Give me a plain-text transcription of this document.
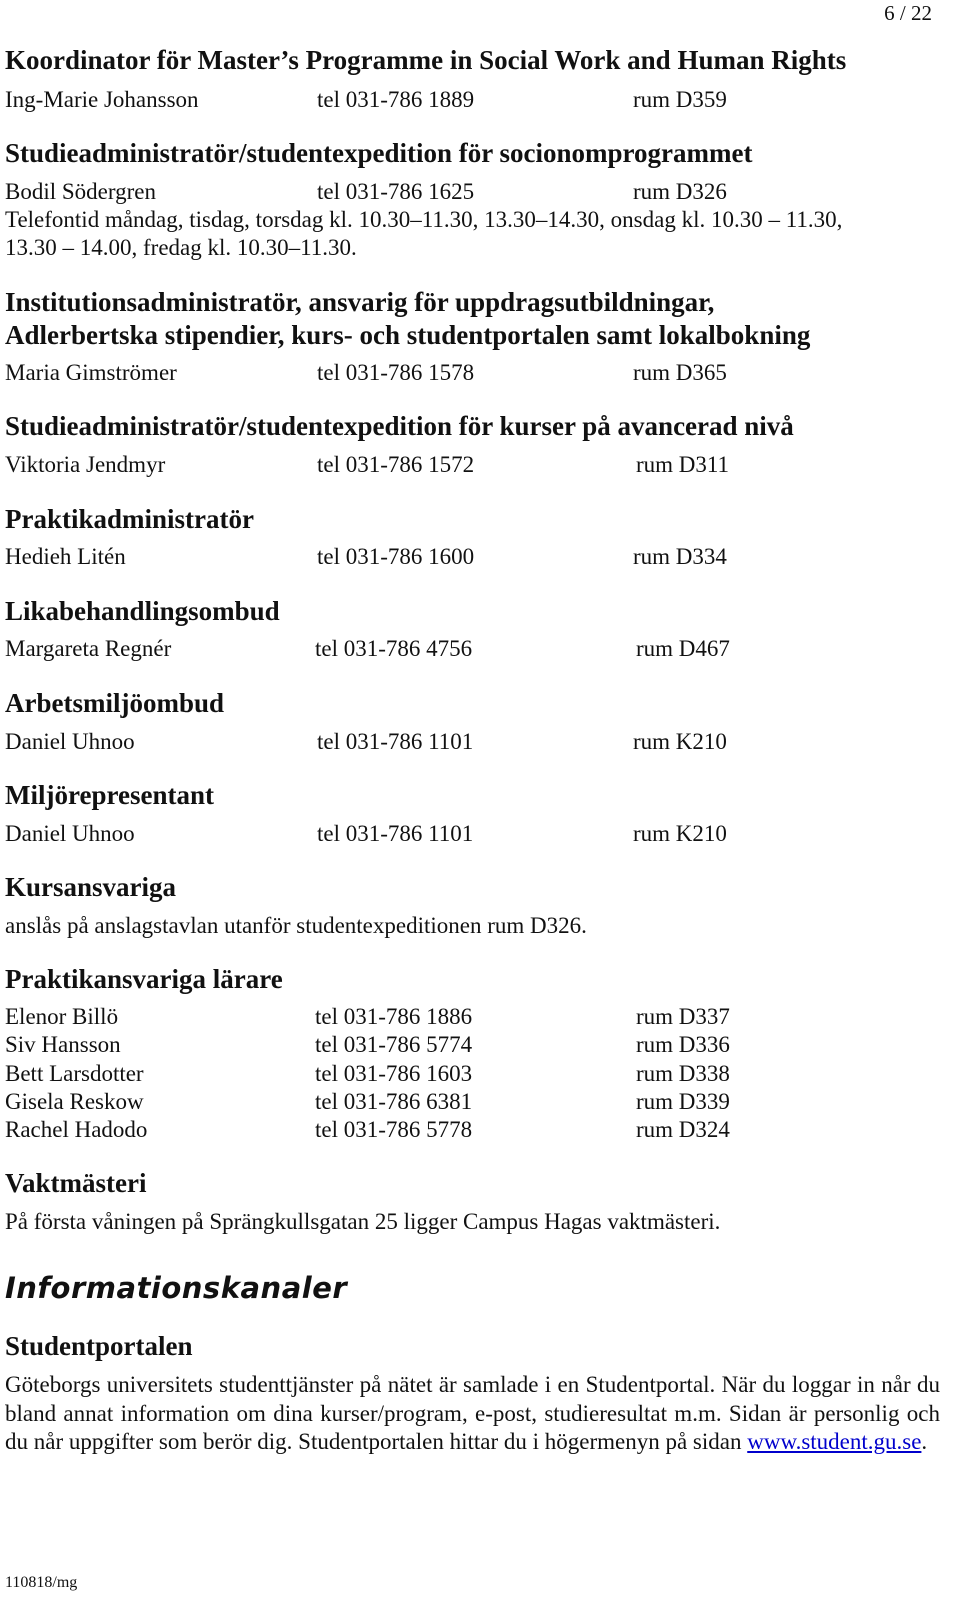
6 / 22
Koordinator för Master’s Programme in Social Work and Human Rights
Ing-Marie Johansson	tel 031-786 1889	rum D359
Studieadministratör/studentexpedition för socionomprogrammet
Bodil Södergren	tel 031-786 1625	rum D326
Telefontid måndag, tisdag, torsdag kl. 10.30–11.30, 13.30–14.30, onsdag kl. 10.30 – 11.30,
13.30 – 14.00, fredag kl. 10.30–11.30.
Institutionsadministratör, ansvarig för uppdragsutbildningar,
Adlerbertska stipendier, kurs- och studentportalen samt lokalbokning
Maria Gimströmer	tel 031-786 1578	rum D365
Studieadministratör/studentexpedition för kurser på avancerad nivå
Viktoria Jendmyr	tel 031-786 1572	rum D311
Praktikadministratör
Hedieh Litén	tel 031-786 1600	rum D334
Likabehandlingsombud
Margareta Regnér	tel 031-786 4756	rum D467
Arbetsmiljöombud
Daniel Uhnoo	tel 031-786 1101	rum K210
Miljörepresentant
Daniel Uhnoo	tel 031-786 1101	rum K210
Kursansvariga
anslås på anslagstavlan utanför studentexpeditionen rum D326.
Praktikansvariga lärare
Elenor Billö	tel 031-786 1886	rum D337
Siv Hansson	tel 031-786 5774	rum D336
Bett Larsdotter	tel 031-786 1603	rum D338
Gisela Reskow	tel 031-786 6381	rum D339
Rachel Hadodo	tel 031-786 5778	rum D324
Vaktmästeri
På första våningen på Sprängkullsgatan 25 ligger Campus Hagas vaktmästeri.
Informationskanaler
Studentportalen
Göteborgs universitets studenttjänster på nätet är samlade i en Studentportal. När du loggar in når du bland annat information om dina kurser/program, e-post, studieresultat m.m. Sidan är personlig och du når uppgifter som berör dig. Studentportalen hittar du i högermenyn på sidan www.student.gu.se.
110818/mg
